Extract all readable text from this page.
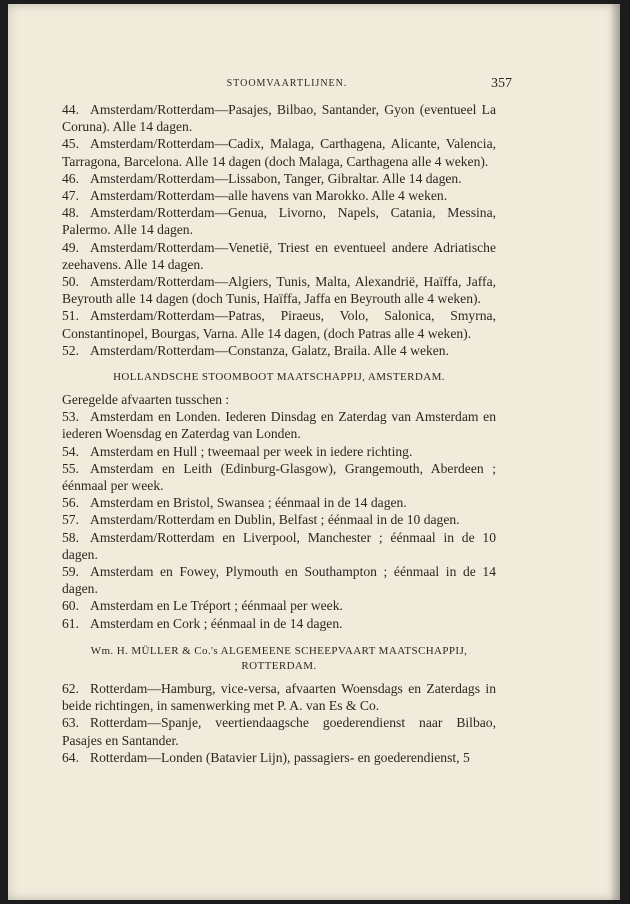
STOOMVAARTLIJNEN.	357

44. Amsterdam/Rotterdam—Pasajes, Bilbao, Santander, Gyon (eventueel La Coruna). Alle 14 dagen.

45. Amsterdam/Rotterdam—Cadix, Malaga, Carthagena, Alicante, Valencia, Tarragona, Barcelona. Alle 14 dagen (doch Malaga, Carthagena alle 4 weken).

46. Amsterdam/Rotterdam—Lissabon, Tanger, Gibraltar. Alle 14 dagen.

47. Amsterdam/Rotterdam—alle havens van Marokko. Alle 4 weken.

48. Amsterdam/Rotterdam—Genua, Livorno, Napels, Catania, Messina, Palermo. Alle 14 dagen.

49. Amsterdam/Rotterdam—Venetië, Triest en eventueel andere Adriatische zeehavens. Alle 14 dagen.

50. Amsterdam/Rotterdam—Algiers, Tunis, Malta, Alexandrië, Haïffa, Jaffa, Beyrouth alle 14 dagen (doch Tunis, Haïffa, Jaffa en Beyrouth alle 4 weken).

51. Amsterdam/Rotterdam—Patras, Piraeus, Volo, Salonica, Smyrna, Constantinopel, Bourgas, Varna. Alle 14 dagen, (doch Patras alle 4 weken).

52. Amsterdam/Rotterdam—Constanza, Galatz, Braila. Alle 4 weken.

HOLLANDSCHE STOOMBOOT MAATSCHAPPIJ, AMSTERDAM.

Geregelde afvaarten tusschen :

53. Amsterdam en Londen. Iederen Dinsdag en Zaterdag van Amsterdam en iederen Woensdag en Zaterdag van Londen.

54. Amsterdam en Hull ; tweemaal per week in iedere richting.

55. Amsterdam en Leith (Edinburg-Glasgow), Grangemouth, Aberdeen ; éénmaal per week.

56. Amsterdam en Bristol, Swansea ; éénmaal in de 14 dagen.

57. Amsterdam/Rotterdam en Dublin, Belfast ; éénmaal in de 10 dagen.

58. Amsterdam/Rotterdam en Liverpool, Manchester ; éénmaal in de 10 dagen.

59. Amsterdam en Fowey, Plymouth en Southampton ; éénmaal in de 14 dagen.

60. Amsterdam en Le Tréport ; éénmaal per week.

61. Amsterdam en Cork ; éénmaal in de 14 dagen.

Wm. H. MÜLLER & Co.'s ALGEMEENE SCHEEPVAART MAATSCHAPPIJ,
ROTTERDAM.

62. Rotterdam—Hamburg, vice-versa, afvaarten Woensdags en Zaterdags in beide richtingen, in samenwerking met P. A. van Es & Co.

63. Rotterdam—Spanje, veertiendaagsche goederendienst naar Bilbao, Pasajes en Santander.

64. Rotterdam—Londen (Batavier Lijn), passagiers- en goederendienst, 5
